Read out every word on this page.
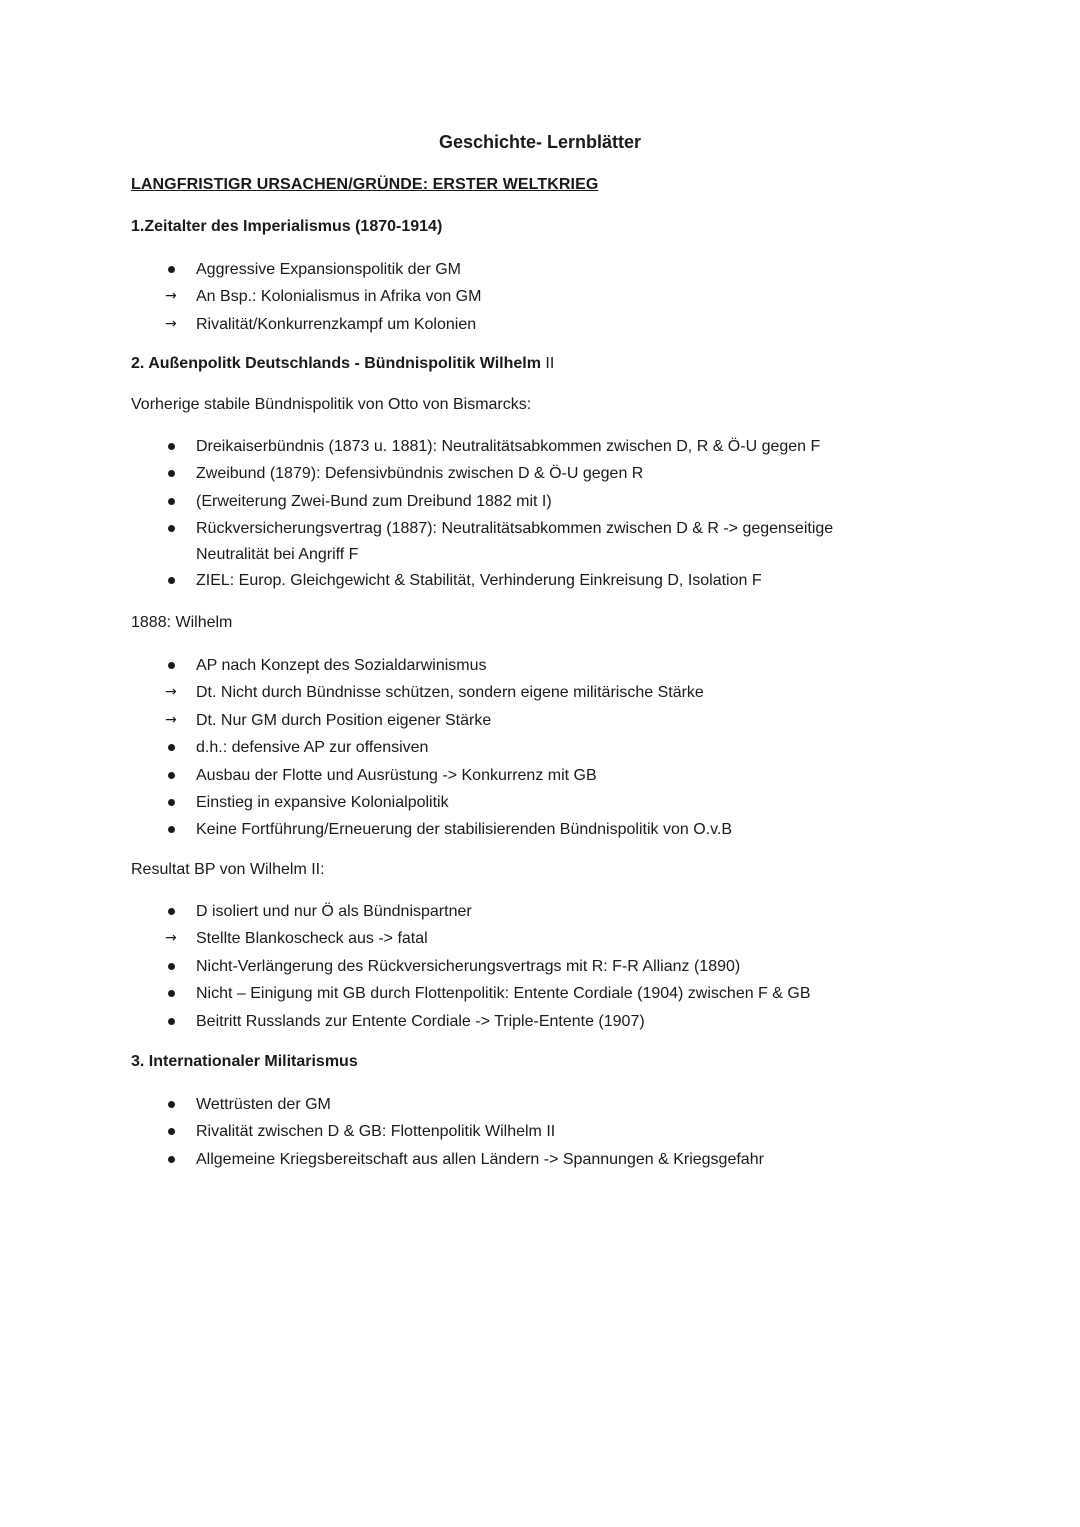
Geschichte- Lernblätter
LANGFRISTIGR URSACHEN/GRÜNDE: ERSTER WELTKRIEG
1.Zeitalter des Imperialismus (1870-1914)
Aggressive Expansionspolitik der GM
→	An Bsp.: Kolonialismus in Afrika von GM
→	Rivalität/Konkurrenzkampf um Kolonien
2. Außenpolitk Deutschlands - Bündnispolitik Wilhelm II
Vorherige stabile Bündnispolitik von Otto von Bismarcks:
Dreikaiserbündnis (1873 u. 1881): Neutralitätsabkommen zwischen D, R & Ö-U gegen F
Zweibund (1879): Defensivbündnis zwischen D & Ö-U gegen R
(Erweiterung Zwei-Bund zum Dreibund 1882 mit I)
Rückversicherungsvertrag (1887): Neutralitätsabkommen zwischen D & R -> gegenseitige
Neutralität bei Angriff F
ZIEL: Europ. Gleichgewicht & Stabilität, Verhinderung Einkreisung D, Isolation F
1888: Wilhelm
AP nach Konzept des Sozialdarwinismus
→	Dt. Nicht durch Bündnisse schützen, sondern eigene militärische Stärke
→	Dt. Nur GM durch Position eigener Stärke
d.h.: defensive AP zur offensiven
Ausbau der Flotte und Ausrüstung -> Konkurrenz mit GB
Einstieg in expansive Kolonialpolitik
Keine Fortführung/Erneuerung der stabilisierenden Bündnispolitik von O.v.B
Resultat BP von Wilhelm II:
D isoliert und nur Ö als Bündnispartner
→	Stellte Blankoscheck aus -> fatal
Nicht-Verlängerung des Rückversicherungsvertrags mit R: F-R Allianz (1890)
Nicht – Einigung mit GB durch Flottenpolitik: Entente Cordiale (1904) zwischen F & GB
Beitritt Russlands zur Entente Cordiale -> Triple-Entente (1907)
3. Internationaler Militarismus
Wettrüsten der GM
Rivalität zwischen D & GB: Flottenpolitik Wilhelm II
Allgemeine Kriegsbereitschaft aus allen Ländern -> Spannungen & Kriegsgefahr
